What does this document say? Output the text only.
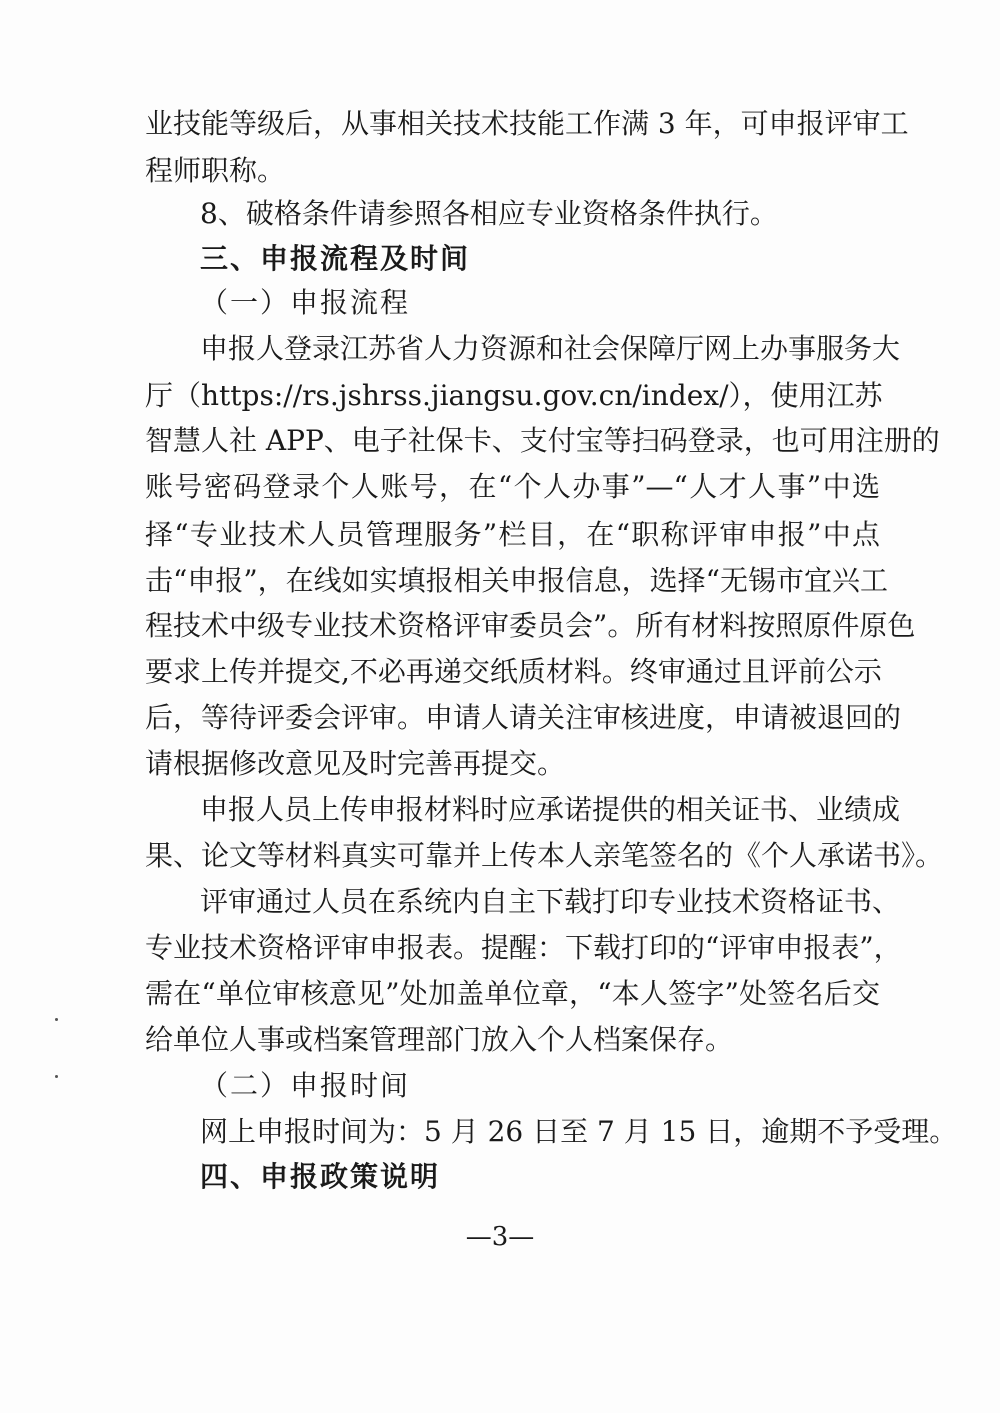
业技能等级后，从事相关技术技能工作满 3 年，可申报评审工
程师职称。
8、破格条件请参照各相应专业资格条件执行。
三、申报流程及时间
（一）申报流程
申报人登录江苏省人力资源和社会保障厅网上办事服务大
厅（https://rs.jshrss.jiangsu.gov.cn/index/），使用江苏
智慧人社 APP、电子社保卡、支付宝等扫码登录，也可用注册的
账号密码登录个人账号，在“个人办事”—“人才人事”中选
择“专业技术人员管理服务”栏目，在“职称评审申报”中点
击“申报”，在线如实填报相关申报信息，选择“无锡市宜兴工
程技术中级专业技术资格评审委员会”。所有材料按照原件原色
要求上传并提交,不必再递交纸质材料。终审通过且评前公示
后，等待评委会评审。申请人请关注审核进度，申请被退回的
请根据修改意见及时完善再提交。
申报人员上传申报材料时应承诺提供的相关证书、业绩成
果、论文等材料真实可靠并上传本人亲笔签名的《个人承诺书》。
评审通过人员在系统内自主下载打印专业技术资格证书、
专业技术资格评审申报表。提醒：下载打印的“评审申报表”，
需在“单位审核意见”处加盖单位章，“本人签字”处签名后交
给单位人事或档案管理部门放入个人档案保存。
（二）申报时间
网上申报时间为：5 月 26 日至 7 月 15 日，逾期不予受理。
四、申报政策说明
—3—
